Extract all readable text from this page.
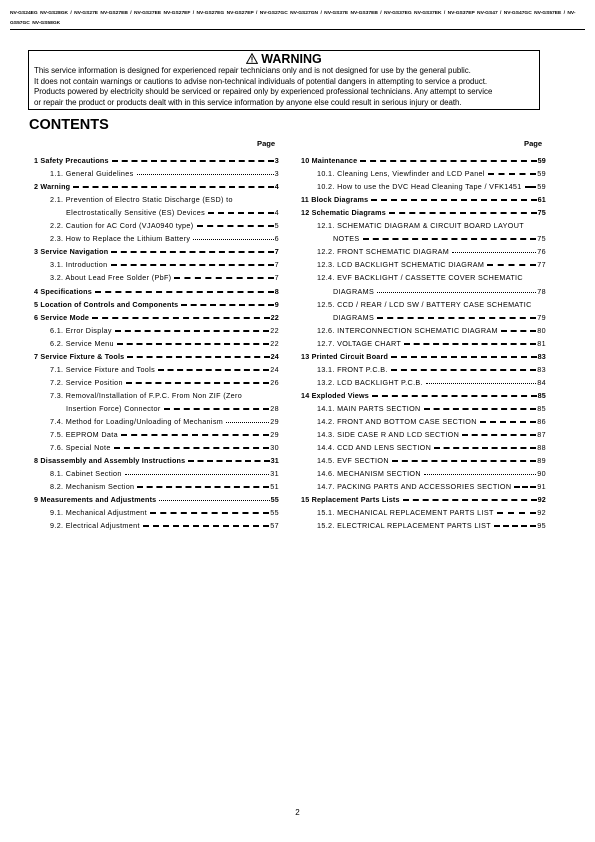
NV-GS24EG NV-GS28GK / NV-GS27E NV-GS27EB / NV-GS27EE NV-GS27EF / NV-GS27EG NV-GS27EP / NV-GS27GC NV-GS27GN / NV-GS37E NV-GS37EB / NV-GS37EG NV-GS37EK / NV-GS37EP NV-GS47 / NV-GS47GC NV-GS57EE / NV-GS57GC NV-GS58GK
WARNING
This service information is designed for experienced repair technicians only and is not designed for use by the general public.
It does not contain warnings or cautions to advise non-technical individuals of potential dangers in attempting to service a product.
Products powered by electricity should be serviced or repaired only by experienced professional technicians. Any attempt to service
or repair the product or products dealt with in this service information by anyone else could result in serious injury or death.
CONTENTS
Page	Page
1 Safety Precautions	3
1.1. General Guidelines	3
2 Warning	4
2.1. Prevention of Electro Static Discharge (ESD) to
Electrostatically Sensitive (ES) Devices	4
2.2. Caution for AC Cord (VJA0940 type)	5
2.3. How to Replace the Lithium Battery	6
3 Service Navigation	7
3.1. Introduction	7
3.2. About Lead Free Solder (PbF)	7
4 Specifications	8
5 Location of Controls and Components	9
6 Service Mode	22
6.1. Error Display	22
6.2. Service Menu	22
7 Service Fixture & Tools	24
7.1. Service Fixture and Tools	24
7.2. Service Position	26
7.3. Removal/Installation of F.P.C. From Non ZIF (Zero
Insertion Force) Connector	28
7.4. Method for Loading/Unloading of Mechanism	29
7.5. EEPROM Data	29
7.6. Special Note	30
8 Disassembly and Assembly Instructions	31
8.1. Cabinet Section	31
8.2. Mechanism Section	51
9 Measurements and Adjustments	55
9.1. Mechanical Adjustment	55
9.2. Electrical Adjustment	57
10 Maintenance	59
10.1. Cleaning Lens, Viewfinder and LCD Panel	59
10.2. How to use the DVC Head Cleaning Tape / VFK1451 59
11 Block Diagrams	61
12 Schematic Diagrams	75
12.1. SCHEMATIC DIAGRAM & CIRCUIT BOARD LAYOUT
NOTES	75
12.2. FRONT SCHEMATIC DIAGRAM	76
12.3. LCD BACKLIGHT SCHEMATIC DIAGRAM	77
12.4. EVF BACKLIGHT / CASSETTE COVER SCHEMATIC
DIAGRAMS	78
12.5. CCD / REAR / LCD SW / BATTERY CASE SCHEMATIC
DIAGRAMS	79
12.6. INTERCONNECTION SCHEMATIC DIAGRAM	80
12.7. VOLTAGE CHART	81
13 Printed Circuit Board	83
13.1. FRONT P.C.B.	83
13.2. LCD BACKLIGHT P.C.B.	84
14 Exploded Views	85
14.1. MAIN PARTS SECTION	85
14.2. FRONT AND BOTTOM CASE SECTION	86
14.3. SIDE CASE R AND LCD SECTION	87
14.4. CCD AND LENS SECTION	88
14.5. EVF SECTION	89
14.6. MECHANISM SECTION	90
14.7. PACKING PARTS AND ACCESSORIES SECTION	91
15 Replacement Parts Lists	92
15.1. MECHANICAL REPLACEMENT PARTS LIST	92
15.2. ELECTRICAL REPLACEMENT PARTS LIST	95
2
